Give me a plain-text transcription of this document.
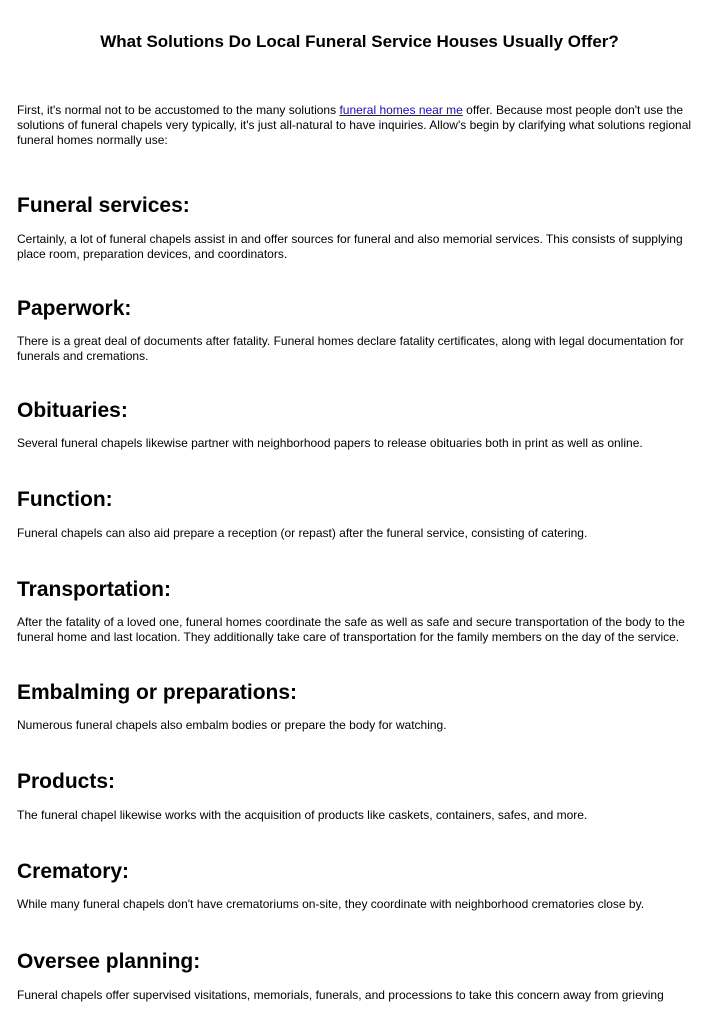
What Solutions Do Local Funeral Service Houses Usually Offer?

First, it's normal not to be accustomed to the many solutions funeral homes near me offer. Because most people don't use the solutions of funeral chapels very typically, it's just all-natural to have inquiries. Allow's begin by clarifying what solutions regional funeral homes normally use:

Funeral services:

Certainly, a lot of funeral chapels assist in and offer sources for funeral and also memorial services. This consists of supplying place room, preparation devices, and coordinators.

Paperwork:

There is a great deal of documents after fatality. Funeral homes declare fatality certificates, along with legal documentation for funerals and cremations.

Obituaries:

Several funeral chapels likewise partner with neighborhood papers to release obituaries both in print as well as online.

Function:

Funeral chapels can also aid prepare a reception (or repast) after the funeral service, consisting of catering.

Transportation:

After the fatality of a loved one, funeral homes coordinate the safe as well as safe and secure transportation of the body to the funeral home and last location. They additionally take care of transportation for the family members on the day of the service.

Embalming or preparations:

Numerous funeral chapels also embalm bodies or prepare the body for watching.

Products:

The funeral chapel likewise works with the acquisition of products like caskets, containers, safes, and more.

Crematory:

While many funeral chapels don't have crematoriums on-site, they coordinate with neighborhood crematories close by.

Oversee planning:

Funeral chapels offer supervised visitations, memorials, funerals, and processions to take this concern away from grieving
